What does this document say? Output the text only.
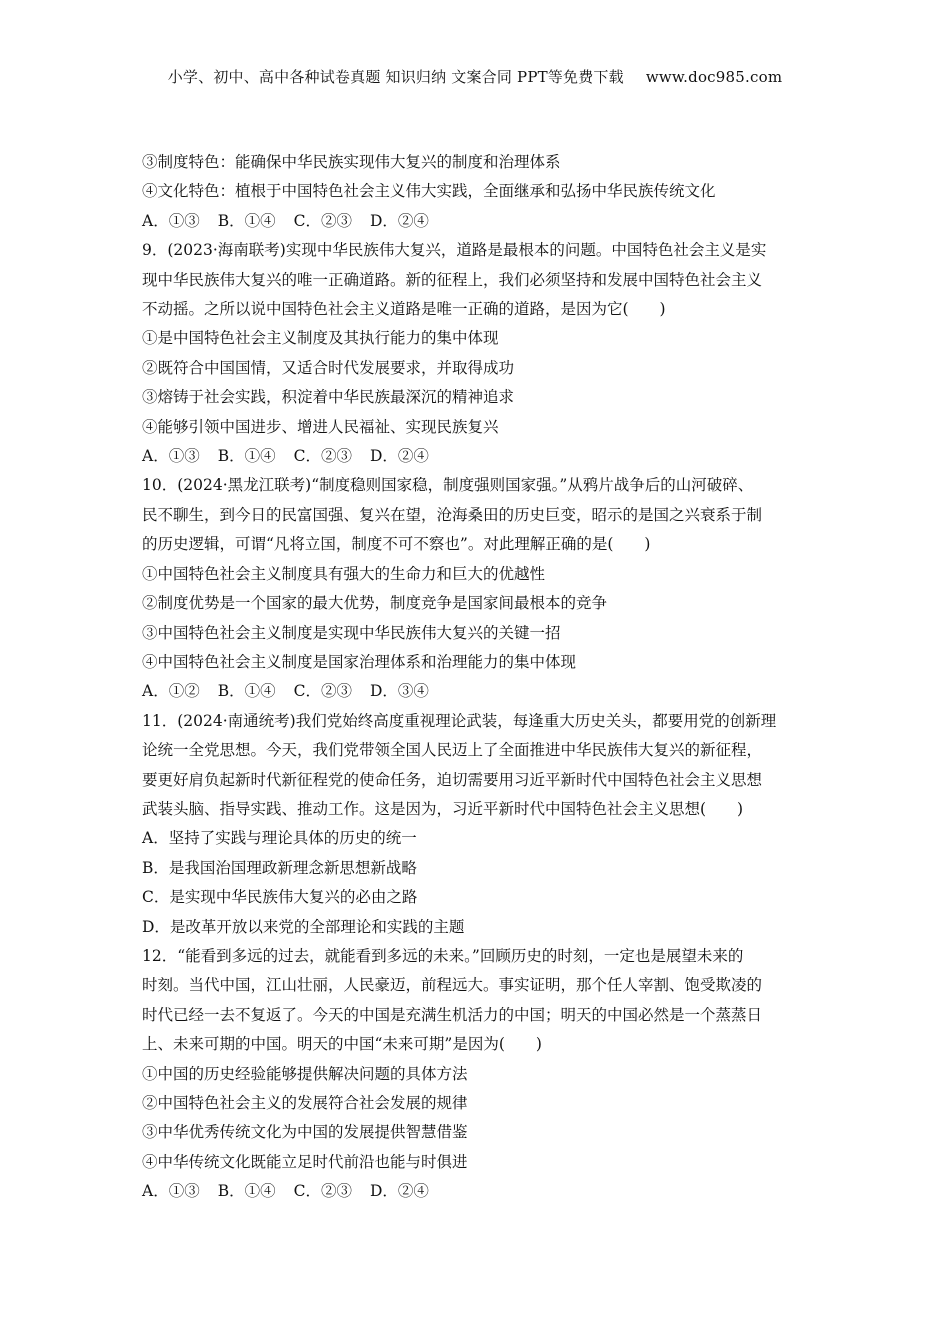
小学、初中、高中各种试卷真题 知识归纳 文案合同 PPT等免费下载 www.doc985.com
③制度特色：能确保中华民族实现伟大复兴的制度和治理体系
④文化特色：植根于中国特色社会主义伟大实践，全面继承和弘扬中华民族传统文化
A．①③ B．①④ C．②③ D．②④
9．(2023·海南联考)实现中华民族伟大复兴，道路是最根本的问题。中国特色社会主义是实
现中华民族伟大复兴的唯一正确道路。新的征程上，我们必须坚持和发展中国特色社会主义
不动摇。之所以说中国特色社会主义道路是唯一正确的道路，是因为它(　　)
①是中国特色社会主义制度及其执行能力的集中体现
②既符合中国国情，又适合时代发展要求，并取得成功
③熔铸于社会实践，积淀着中华民族最深沉的精神追求
④能够引领中国进步、增进人民福祉、实现民族复兴
A．①③ B．①④ C．②③ D．②④
10．(2024·黑龙江联考)“制度稳则国家稳，制度强则国家强。”从鸦片战争后的山河破碎、
民不聊生，到今日的民富国强、复兴在望，沧海桑田的历史巨变，昭示的是国之兴衰系于制
的历史逻辑，可谓“凡将立国，制度不可不察也”。对此理解正确的是(　　)
①中国特色社会主义制度具有强大的生命力和巨大的优越性
②制度优势是一个国家的最大优势，制度竞争是国家间最根本的竞争
③中国特色社会主义制度是实现中华民族伟大复兴的关键一招
④中国特色社会主义制度是国家治理体系和治理能力的集中体现
A．①② B．①④ C．②③ D．③④
11．(2024·南通统考)我们党始终高度重视理论武装，每逢重大历史关头，都要用党的创新理
论统一全党思想。今天，我们党带领全国人民迈上了全面推进中华民族伟大复兴的新征程，
要更好肩负起新时代新征程党的使命任务，迫切需要用习近平新时代中国特色社会主义思想
武装头脑、指导实践、推动工作。这是因为，习近平新时代中国特色社会主义思想(　　)
A．坚持了实践与理论具体的历史的统一
B．是我国治国理政新理念新思想新战略
C．是实现中华民族伟大复兴的必由之路
D．是改革开放以来党的全部理论和实践的主题
12．“能看到多远的过去，就能看到多远的未来。”回顾历史的时刻，一定也是展望未来的
时刻。当代中国，江山壮丽，人民豪迈，前程远大。事实证明，那个任人宰割、饱受欺凌的
时代已经一去不复返了。今天的中国是充满生机活力的中国；明天的中国必然是一个蒸蒸日
上、未来可期的中国。明天的中国“未来可期”是因为(　　)
①中国的历史经验能够提供解决问题的具体方法
②中国特色社会主义的发展符合社会发展的规律
③中华优秀传统文化为中国的发展提供智慧借鉴
④中华传统文化既能立足时代前沿也能与时俱进
A．①③ B．①④ C．②③ D．②④
